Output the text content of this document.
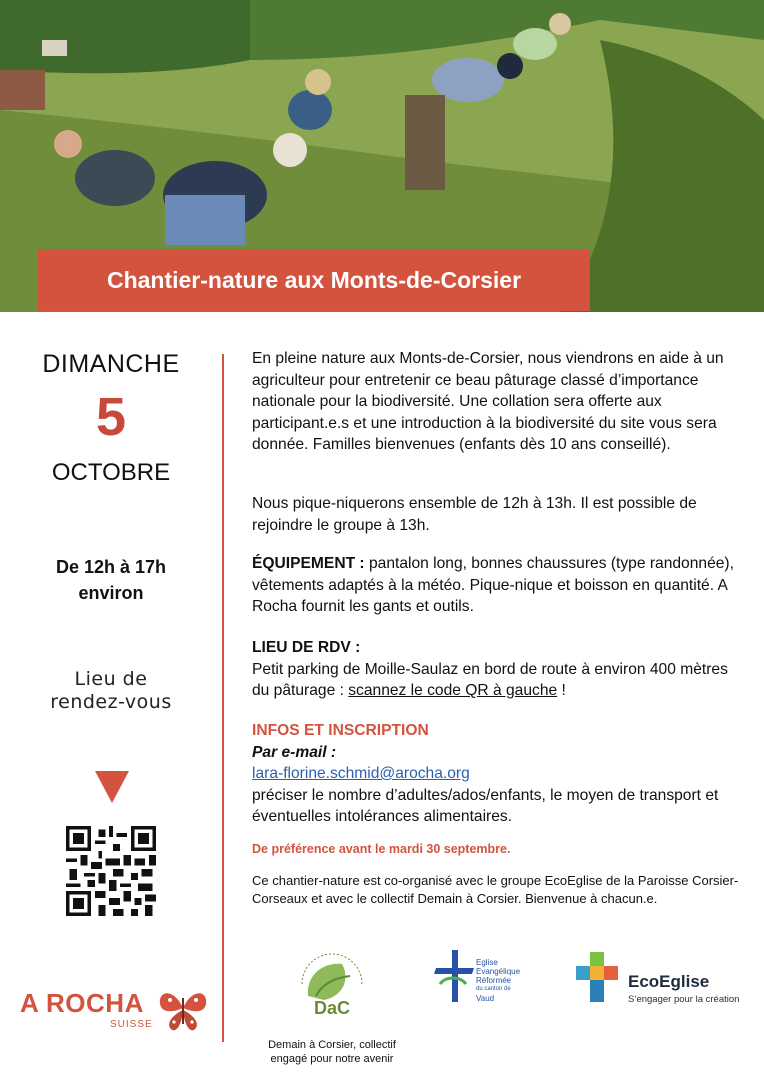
Chantier-nature aux Monts-de-Corsier
DIMANCHE
5
OCTOBRE
De 12h à 17h
environ
Lieu de
rendez-vous
A ROCHA
SUISSE

En pleine nature aux Monts-de-Corsier, nous viendrons en aide à un agriculteur pour entretenir ce beau pâturage classé d’importance nationale pour la biodiversité. Une collation sera offerte aux participant.e.s et une introduction à la biodiversité du site vous sera donnée. Familles bienvenues (enfants dès 10 ans conseillé).

Nous pique-niquerons ensemble de 12h à 13h. Il est possible de rejoindre le groupe à 13h.

ÉQUIPEMENT : pantalon long, bonnes chaussures (type randonnée), vêtements adaptés à la météo. Pique-nique et boisson en quantité. A Rocha fournit les gants et outils.

LIEU DE RDV :
Petit parking de Moille-Saulaz en bord de route à environ 400 mètres du pâturage : scannez le code QR à gauche !

INFOS ET INSCRIPTION
Par e-mail :
lara-florine.schmid@arocha.org
préciser le nombre d’adultes/ados/enfants, le moyen de transport et éventuelles intolérances alimentaires.

De préférence avant le mardi 30 septembre.

Ce chantier-nature est co-organisé avec le groupe EcoEglise de la Paroisse Corsier-Corseaux et avec le collectif Demain à Corsier. Bienvenue à chacun.e.

DaC
Demain à Corsier, collectif engagé pour notre avenir
Eglise
Evangélique
Réformée
du canton de
Vaud
EcoEglise
S’engager pour la création
